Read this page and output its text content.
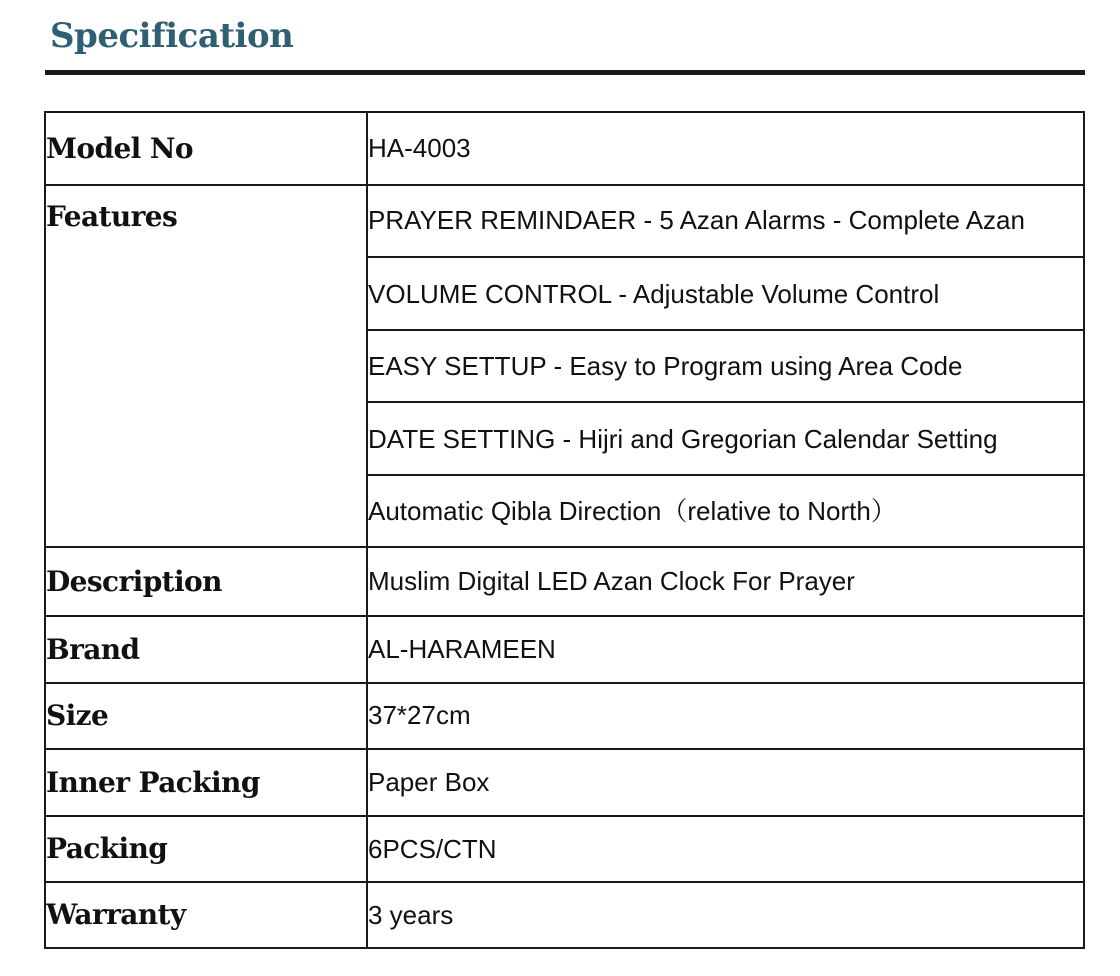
Specification
Model No	HA-4003
Features	PRAYER REMINDAER - 5 Azan Alarms - Complete Azan
	VOLUME CONTROL - Adjustable Volume Control
	EASY SETTUP - Easy to Program using Area Code
	DATE SETTING - Hijri and Gregorian Calendar Setting
	Automatic Qibla Direction（relative to North）
Description	Muslim Digital LED Azan Clock For Prayer
Brand	AL-HARAMEEN
Size	37*27cm
Inner Packing	Paper Box
Packing	6PCS/CTN
Warranty	3 years
